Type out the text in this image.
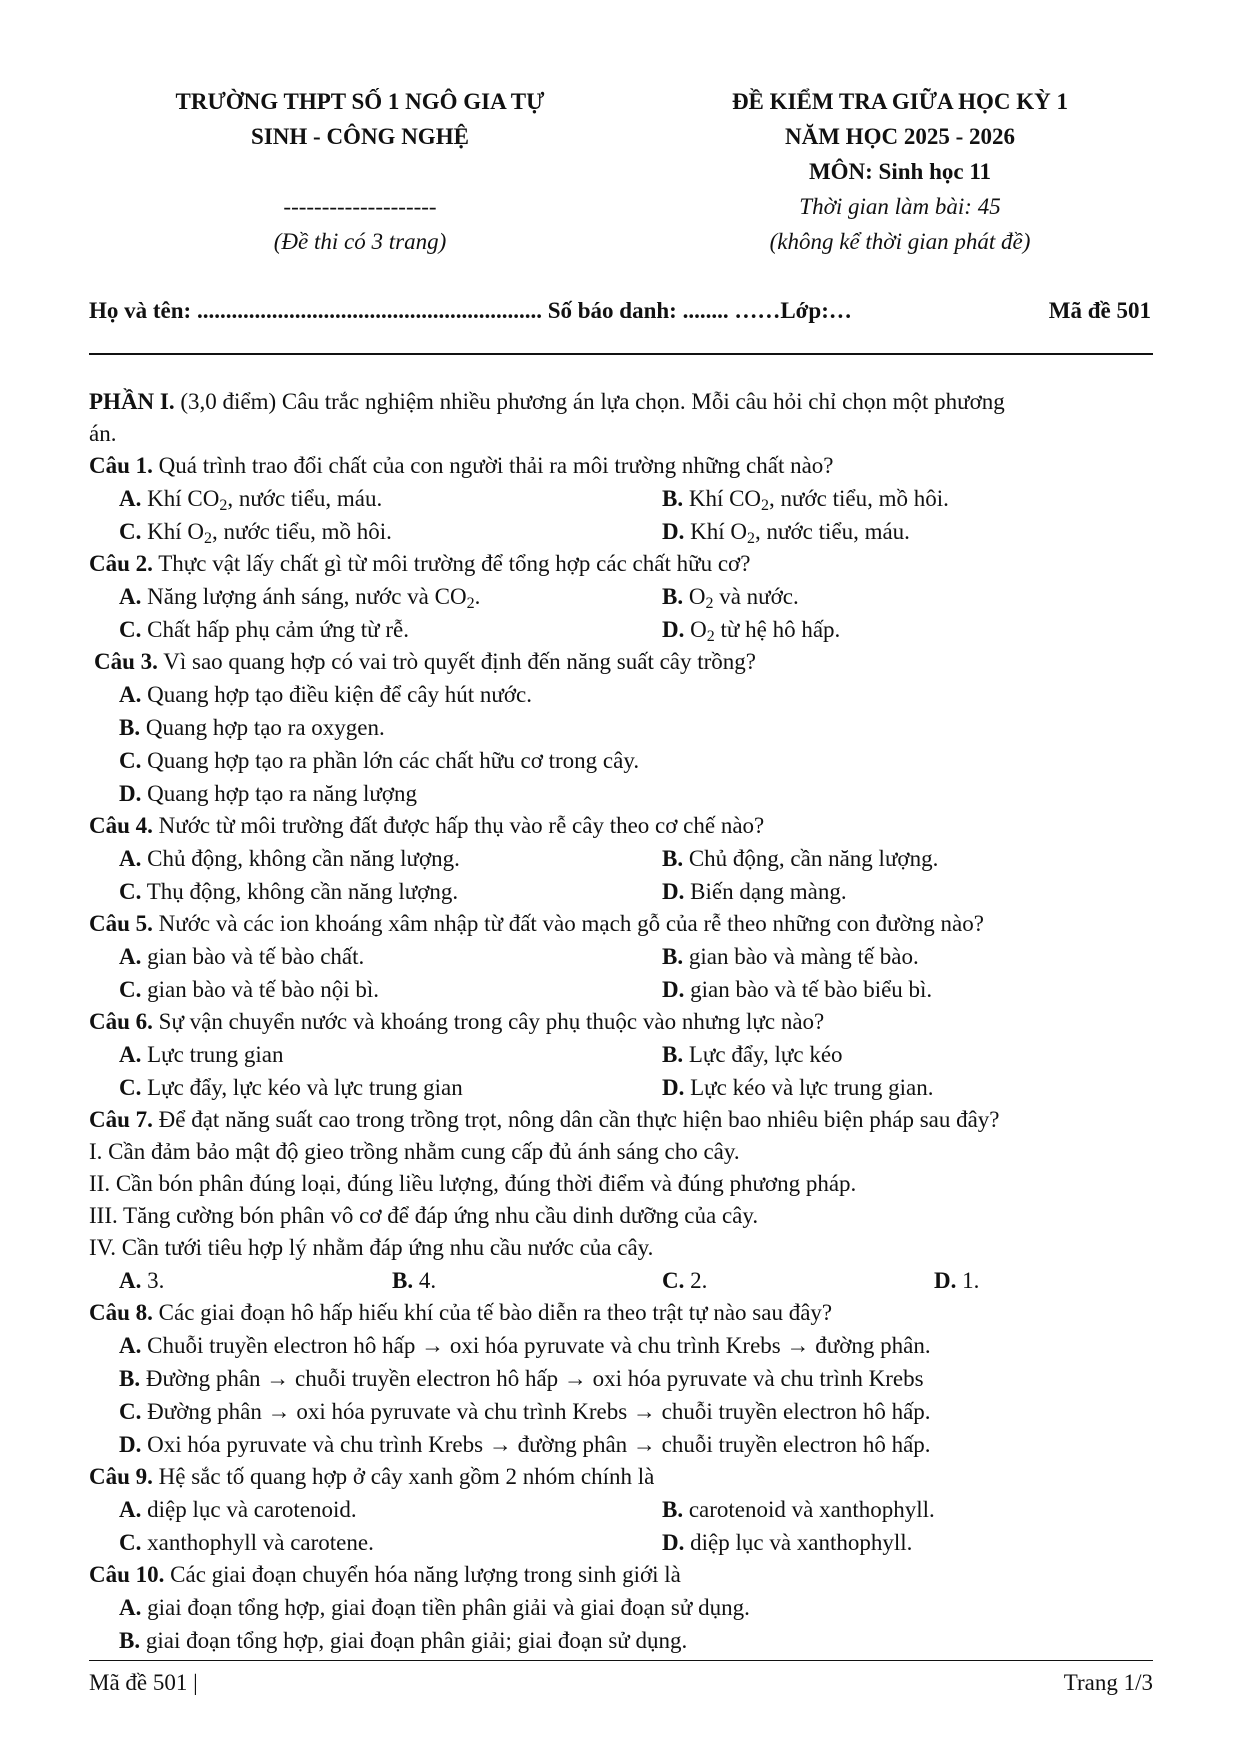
TRƯỜNG THPT SỐ 1 NGÔ GIA TỰ
SINH - CÔNG NGHỆ
--------------------
(Đề thi có 3 trang)
ĐỀ KIỂM TRA GIỮA HỌC KỲ 1
NĂM HỌC 2025 - 2026
MÔN: Sinh học 11
Thời gian làm bài: 45
(không kể thời gian phát đề)
Họ và tên: ............................................................ Số báo danh: ........ ……Lớp:…	Mã đề 501
PHẦN I. (3,0 điểm) Câu trắc nghiệm nhiều phương án lựa chọn. Mỗi câu hỏi chỉ chọn một phương
án.
Câu 1. Quá trình trao đổi chất của con người thải ra môi trường những chất nào?
A. Khí $CO_2$, nước tiểu, máu.	B. Khí $CO_2$, nước tiểu, mồ hôi.
C. Khí $O_2$, nước tiểu, mồ hôi.	D. Khí $O_2$, nước tiểu, máu.
Câu 2. Thực vật lấy chất gì từ môi trường để tổng hợp các chất hữu cơ?
A. Năng lượng ánh sáng, nước và $CO_2$.	B. $O_2$ và nước.
C. Chất hấp phụ cảm ứng từ rễ.	D. $O_2$ từ hệ hô hấp.
Câu 3. Vì sao quang hợp có vai trò quyết định đến năng suất cây trồng?
A. Quang hợp tạo điều kiện để cây hút nước.
B. Quang hợp tạo ra oxygen.
C. Quang hợp tạo ra phần lớn các chất hữu cơ trong cây.
D. Quang hợp tạo ra năng lượng
Câu 4. Nước từ môi trường đất được hấp thụ vào rễ cây theo cơ chế nào?
A. Chủ động, không cần năng lượng.	B. Chủ động, cần năng lượng.
C. Thụ động, không cần năng lượng.	D. Biến dạng màng.
Câu 5. Nước và các ion khoáng xâm nhập từ đất vào mạch gỗ của rễ theo những con đường nào?
A. gian bào và tế bào chất.	B. gian bào và màng tế bào.
C. gian bào và tế bào nội bì.	D. gian bào và tế bào biểu bì.
Câu 6. Sự vận chuyển nước và khoáng trong cây phụ thuộc vào nhưng lực nào?
A. Lực trung gian	B. Lực đẩy, lực kéo
C. Lực đẩy, lực kéo và lực trung gian	D. Lực kéo và lực trung gian.
Câu 7. Để đạt năng suất cao trong trồng trọt, nông dân cần thực hiện bao nhiêu biện pháp sau đây?
I. Cần đảm bảo mật độ gieo trồng nhằm cung cấp đủ ánh sáng cho cây.
II. Cần bón phân đúng loại, đúng liều lượng, đúng thời điểm và đúng phương pháp.
III. Tăng cường bón phân vô cơ để đáp ứng nhu cầu dinh dưỡng của cây.
IV. Cần tưới tiêu hợp lý nhằm đáp ứng nhu cầu nước của cây.
A. 3.	B. 4.	C. 2.	D. 1.
Câu 8. Các giai đoạn hô hấp hiếu khí của tế bào diễn ra theo trật tự nào sau đây?
A. Chuỗi truyền electron hô hấp → oxi hóa pyruvate và chu trình Krebs → đường phân.
B. Đường phân → chuỗi truyền electron hô hấp → oxi hóa pyruvate và chu trình Krebs
C. Đường phân → oxi hóa pyruvate và chu trình Krebs → chuỗi truyền electron hô hấp.
D. Oxi hóa pyruvate và chu trình Krebs → đường phân → chuỗi truyền electron hô hấp.
Câu 9. Hệ sắc tố quang hợp ở cây xanh gồm 2 nhóm chính là
A. diệp lục và carotenoid.	B. carotenoid và xanthophyll.
C. xanthophyll và carotene.	D. diệp lục và xanthophyll.
Câu 10. Các giai đoạn chuyển hóa năng lượng trong sinh giới là
A. giai đoạn tổng hợp, giai đoạn tiền phân giải và giai đoạn sử dụng.
B. giai đoạn tổng hợp, giai đoạn phân giải; giai đoạn sử dụng.
Mã đề 501 |	Trang 1/3
